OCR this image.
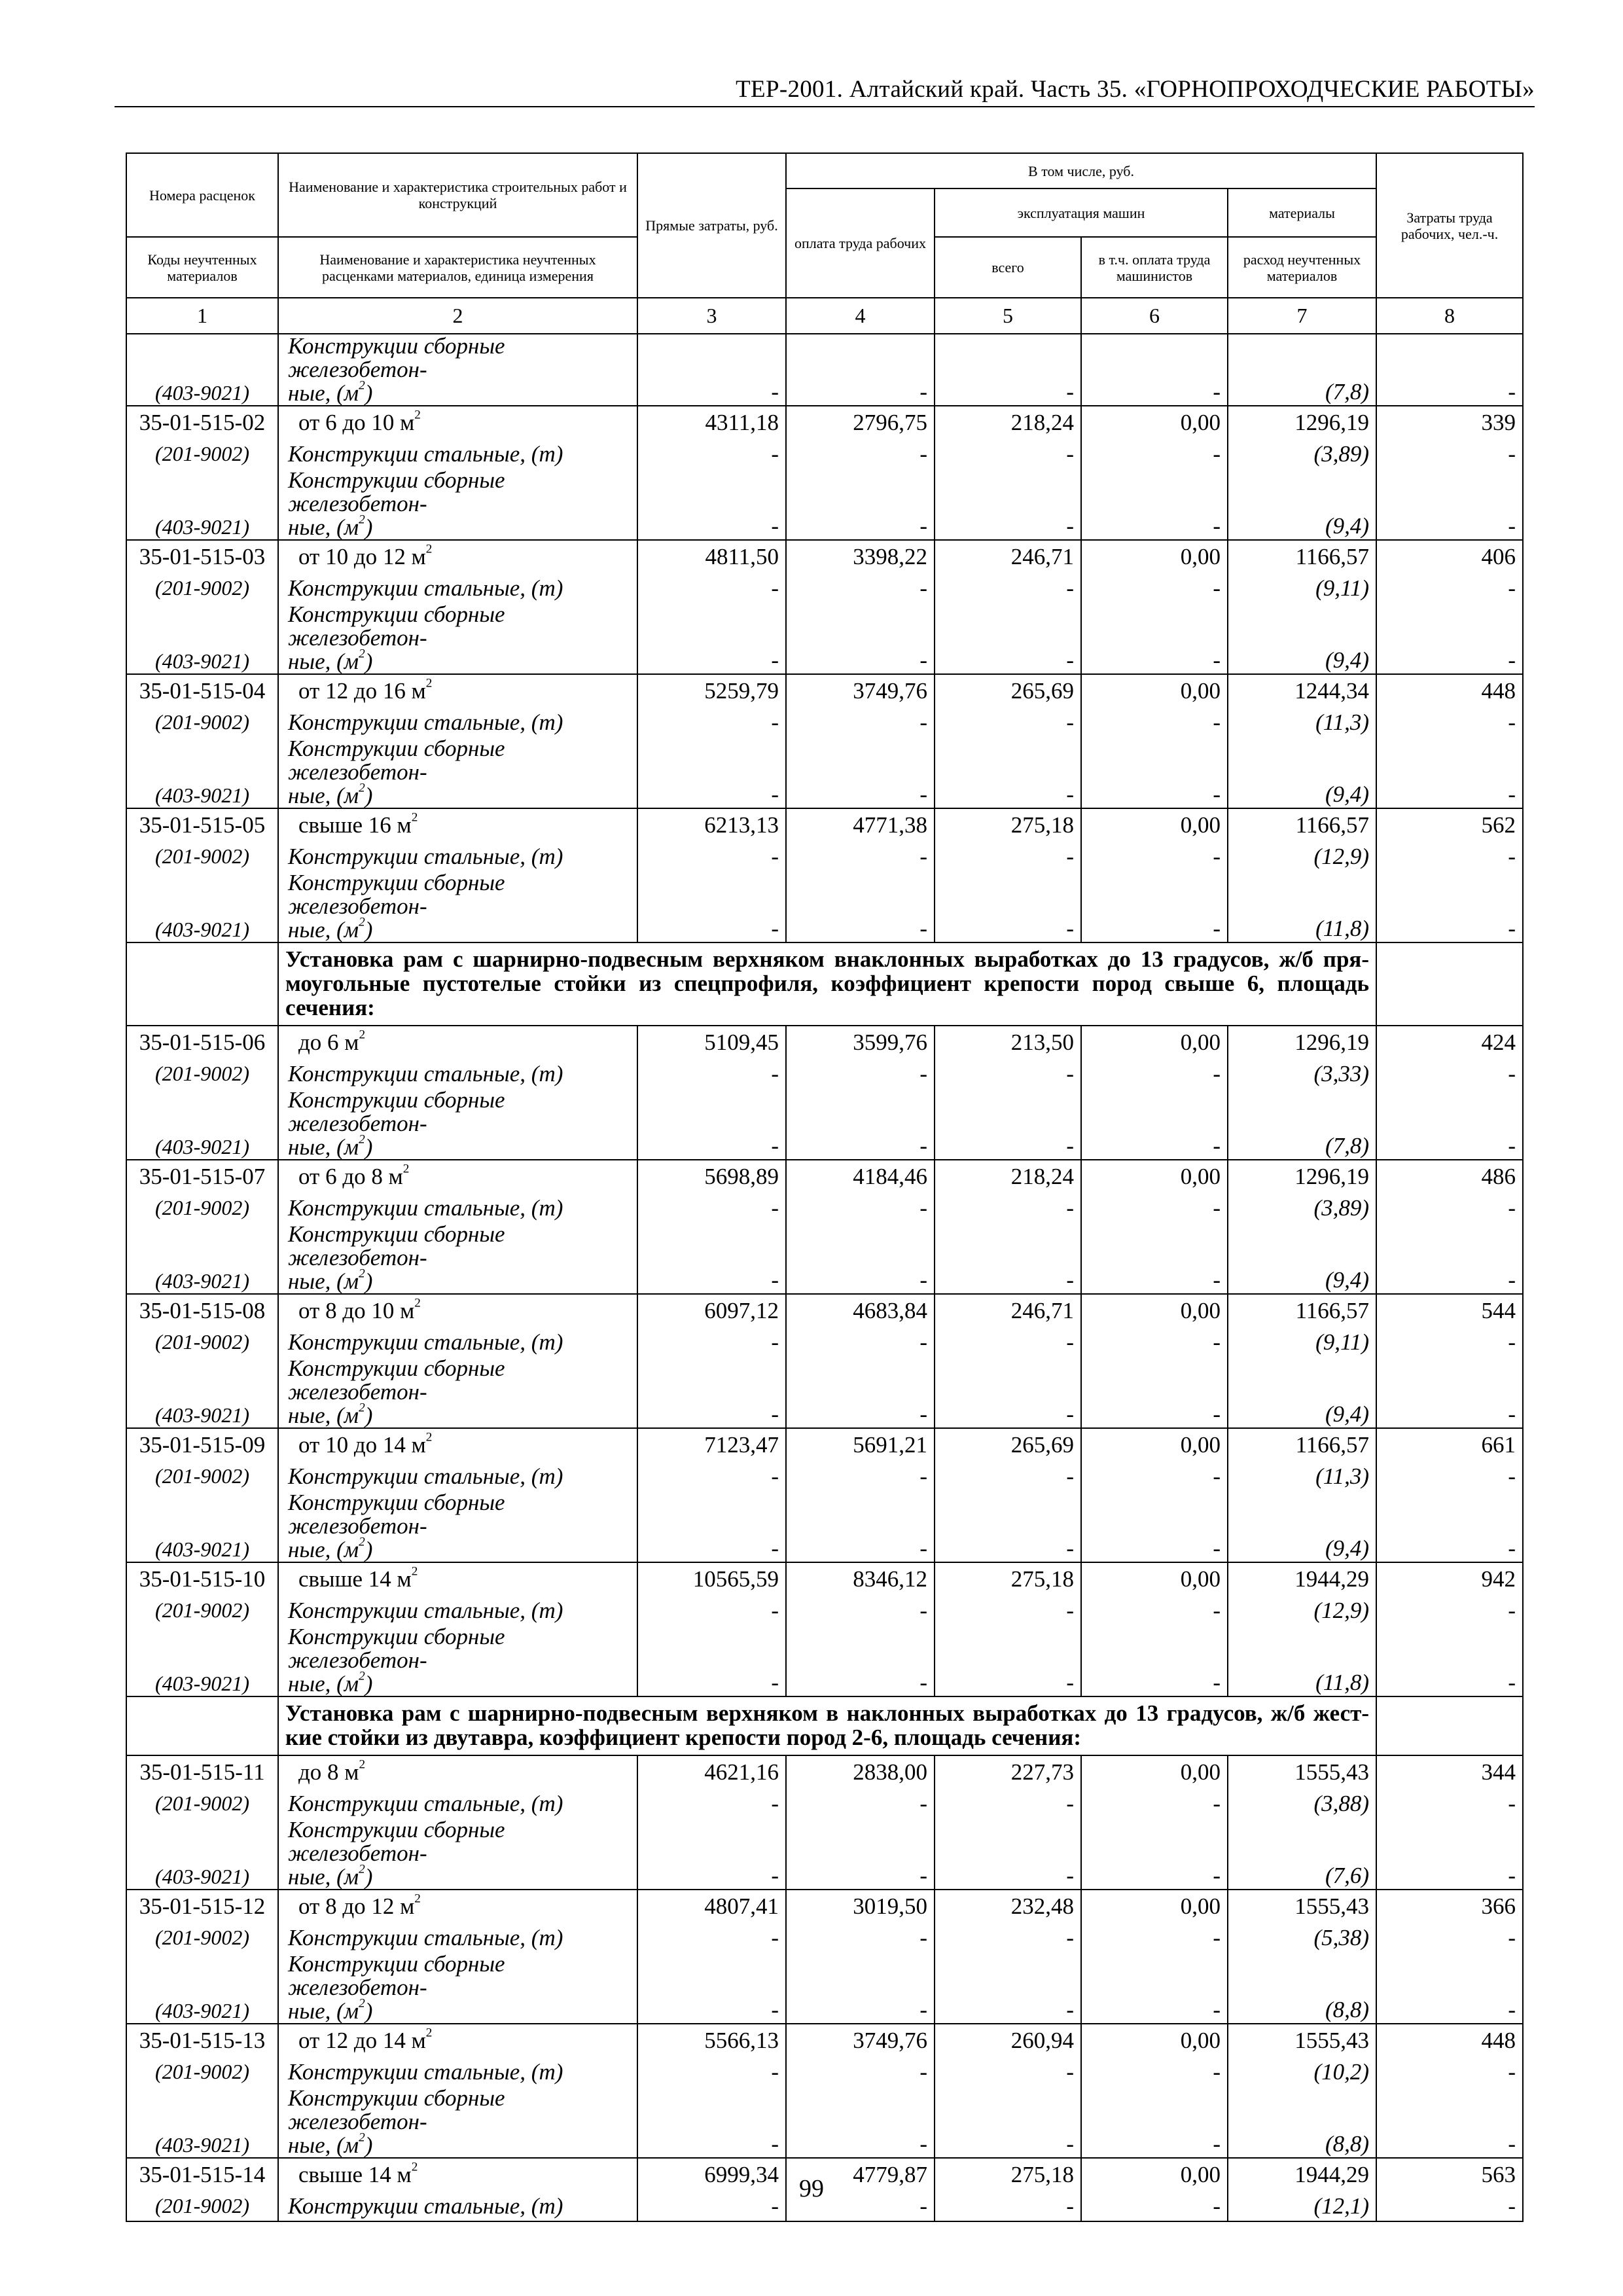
ТЕР-2001. Алтайский край. Часть 35. «ГОРНОПРОХОДЧЕСКИЕ РАБОТЫ»
Номера расценок	Наименование и характеристика строительных работ и конструкций	Прямые затраты, руб.	В том числе, руб.				Затраты труда рабочих, чел.-ч.
			оплата труда рабочих	эксплуатация машин		материалы	
Коды неучтенных материалов	Наименование и характеристика неучтенных расценками материалов, единица измерения			всего	в т.ч. оплата труда машинистов	расход неучтенных материалов	
1	2	3	4	5	6	7	8
(403-9021)	Конструкции сборные железобетон-
ные, $(м^2)$	-	-	-	-	(7,8)	-
35-01-515-02	от 6 до 10 $м^2$	4311,18	2796,75	218,24	0,00	1296,19	339
(201-9002)	Конструкции стальные, (т)	-	-	-	-	(3,89)	-
(403-9021)	Конструкции сборные железобетон-
ные, $(м^2)$	-	-	-	-	(9,4)	-
35-01-515-03	от 10 до 12 $м^2$	4811,50	3398,22	246,71	0,00	1166,57	406
(201-9002)	Конструкции стальные, (т)	-	-	-	-	(9,11)	-
(403-9021)	Конструкции сборные железобетон-
ные, $(м^2)$	-	-	-	-	(9,4)	-
35-01-515-04	от 12 до 16 $м^2$	5259,79	3749,76	265,69	0,00	1244,34	448
(201-9002)	Конструкции стальные, (т)	-	-	-	-	(11,3)	-
(403-9021)	Конструкции сборные железобетон-
ные, $(м^2)$	-	-	-	-	(9,4)	-
35-01-515-05	свыше 16 $м^2$	6213,13	4771,38	275,18	0,00	1166,57	562
(201-9002)	Конструкции стальные, (т)	-	-	-	-	(12,9)	-
(403-9021)	Конструкции сборные железобетон-
ные, $(м^2)$	-	-	-	-	(11,8)	-
	Установка рам с шарнирно-подвесным верхняком внаклонных выработках до 13 градусов, ж/б пря-моугольные пустотелые стойки из спецпрофиля, коэффициент крепости пород свыше 6, площадь сечения:						
35-01-515-06	до 6 $м^2$	5109,45	3599,76	213,50	0,00	1296,19	424
(201-9002)	Конструкции стальные, (т)	-	-	-	-	(3,33)	-
(403-9021)	Конструкции сборные железобетон-
ные, $(м^2)$	-	-	-	-	(7,8)	-
35-01-515-07	от 6 до 8 $м^2$	5698,89	4184,46	218,24	0,00	1296,19	486
(201-9002)	Конструкции стальные, (т)	-	-	-	-	(3,89)	-
(403-9021)	Конструкции сборные железобетон-
ные, $(м^2)$	-	-	-	-	(9,4)	-
35-01-515-08	от 8 до 10 $м^2$	6097,12	4683,84	246,71	0,00	1166,57	544
(201-9002)	Конструкции стальные, (т)	-	-	-	-	(9,11)	-
(403-9021)	Конструкции сборные железобетон-
ные, $(м^2)$	-	-	-	-	(9,4)	-
35-01-515-09	от 10 до 14 $м^2$	7123,47	5691,21	265,69	0,00	1166,57	661
(201-9002)	Конструкции стальные, (т)	-	-	-	-	(11,3)	-
(403-9021)	Конструкции сборные железобетон-
ные, $(м^2)$	-	-	-	-	(9,4)	-
35-01-515-10	свыше 14 $м^2$	10565,59	8346,12	275,18	0,00	1944,29	942
(201-9002)	Конструкции стальные, (т)	-	-	-	-	(12,9)	-
(403-9021)	Конструкции сборные железобетон-
ные, $(м^2)$	-	-	-	-	(11,8)	-
	Установка рам с шарнирно-подвесным верхняком в наклонных выработках до 13 градусов, ж/б жест-кие стойки из двутавра, коэффициент крепости пород 2-6, площадь сечения:						
35-01-515-11	до 8 $м^2$	4621,16	2838,00	227,73	0,00	1555,43	344
(201-9002)	Конструкции стальные, (т)	-	-	-	-	(3,88)	-
(403-9021)	Конструкции сборные железобетон-
ные, $(м^2)$	-	-	-	-	(7,6)	-
35-01-515-12	от 8 до 12 $м^2$	4807,41	3019,50	232,48	0,00	1555,43	366
(201-9002)	Конструкции стальные, (т)	-	-	-	-	(5,38)	-
(403-9021)	Конструкции сборные железобетон-
ные, $(м^2)$	-	-	-	-	(8,8)	-
35-01-515-13	от 12 до 14 $м^2$	5566,13	3749,76	260,94	0,00	1555,43	448
(201-9002)	Конструкции стальные, (т)	-	-	-	-	(10,2)	-
(403-9021)	Конструкции сборные железобетон-
ные, $(м^2)$	-	-	-	-	(8,8)	-
35-01-515-14	свыше 14 $м^2$	6999,34	4779,87	275,18	0,00	1944,29	563
(201-9002)	Конструкции стальные, (т)	-	-	-	-	(12,1)	-
99
